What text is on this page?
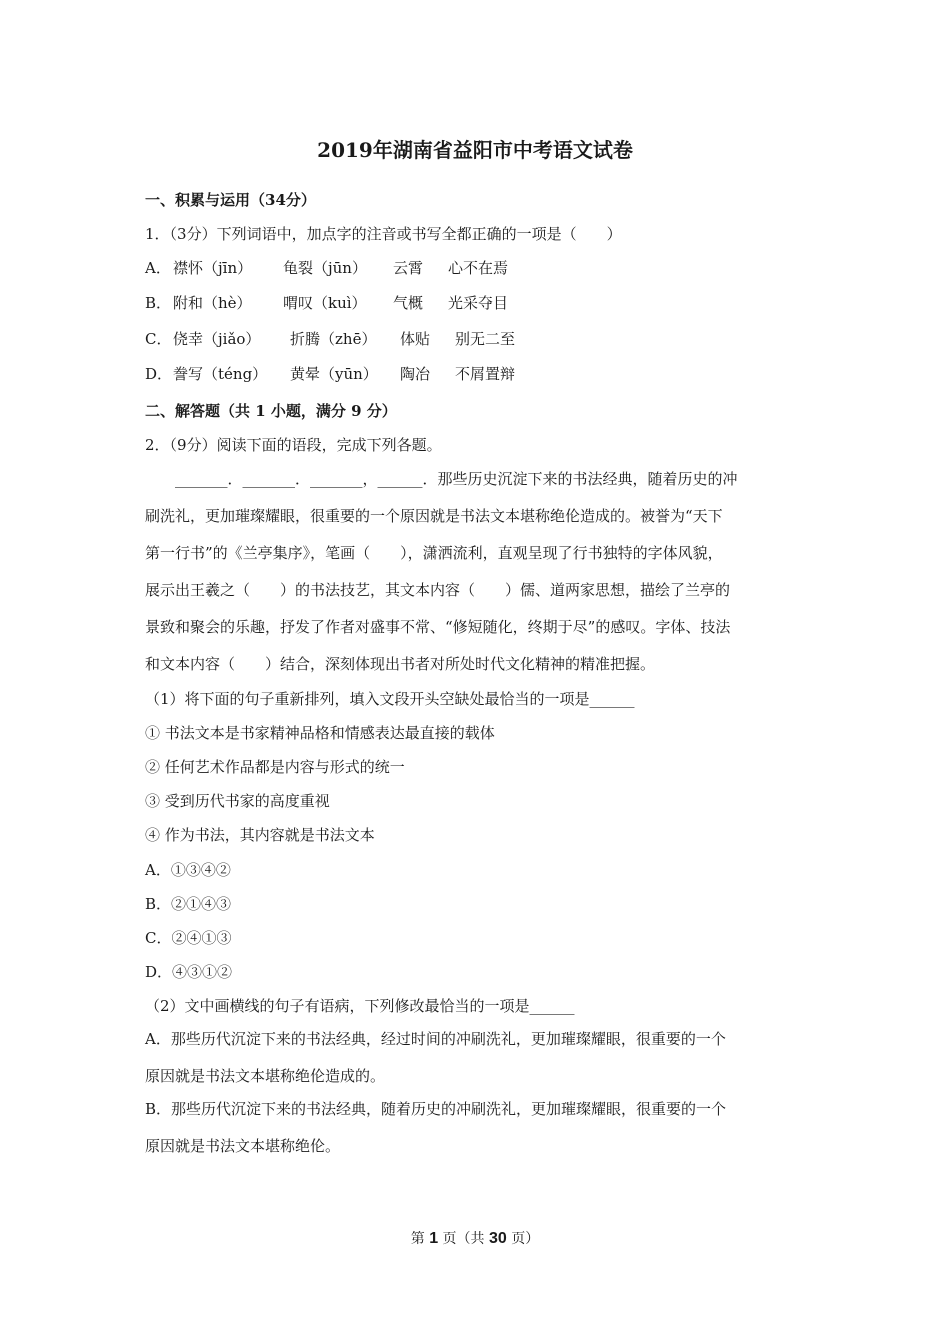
2019年湖南省益阳市中考语文试卷
一、积累与运用（34分）
1．（3分）下列词语中，加点字的注音或书写全都正确的一项是（　　）
A． 襟怀（jīn） 龟裂（jūn） 云霄 心不在焉
B． 附和（hè） 喟叹（kuì） 气概 光采夺目
C． 侥幸（jiǎo） 折腾（zhē） 体贴 别无二至
D．誊写（téng） 黄晕（yūn） 陶冶 不屑置辩
二、解答题（共 1 小题，满分 9 分）
2．（9分）阅读下面的语段，完成下列各题。
　　_______．_______．_______，______．那些历史沉淀下来的书法经典，随着历史的冲
刷洗礼，更加璀璨耀眼，很重要的一个原因就是书法文本堪称绝伦造成的。被誉为“天下
第一行书”的《兰亭集序》，笔画（　　），潇洒流利，直观呈现了行书独特的字体风貌，
展示出王羲之（　　）的书法技艺，其文本内容（　　）儒、道两家思想，描绘了兰亭的
景致和聚会的乐趣，抒发了作者对盛事不常、“修短随化，终期于尽”的感叹。字体、技法
和文本内容（　　）结合，深刻体现出书者对所处时代文化精神的精准把握。
（1）将下面的句子重新排列，填入文段开头空缺处最恰当的一项是______
① 书法文本是书家精神品格和情感表达最直接的载体
② 任何艺术作品都是内容与形式的统一
③ 受到历代书家的高度重视
④ 作为书法，其内容就是书法文本
A．①③④②
B．②①④③
C．②④①③
D．④③①②
（2）文中画横线的句子有语病，下列修改最恰当的一项是______
A．那些历代沉淀下来的书法经典，经过时间的冲刷洗礼，更加璀璨耀眼，很重要的一个
原因就是书法文本堪称绝伦造成的。
B．那些历代沉淀下来的书法经典，随着历史的冲刷洗礼，更加璀璨耀眼，很重要的一个
原因就是书法文本堪称绝伦。
第 1 页（共 30 页）
